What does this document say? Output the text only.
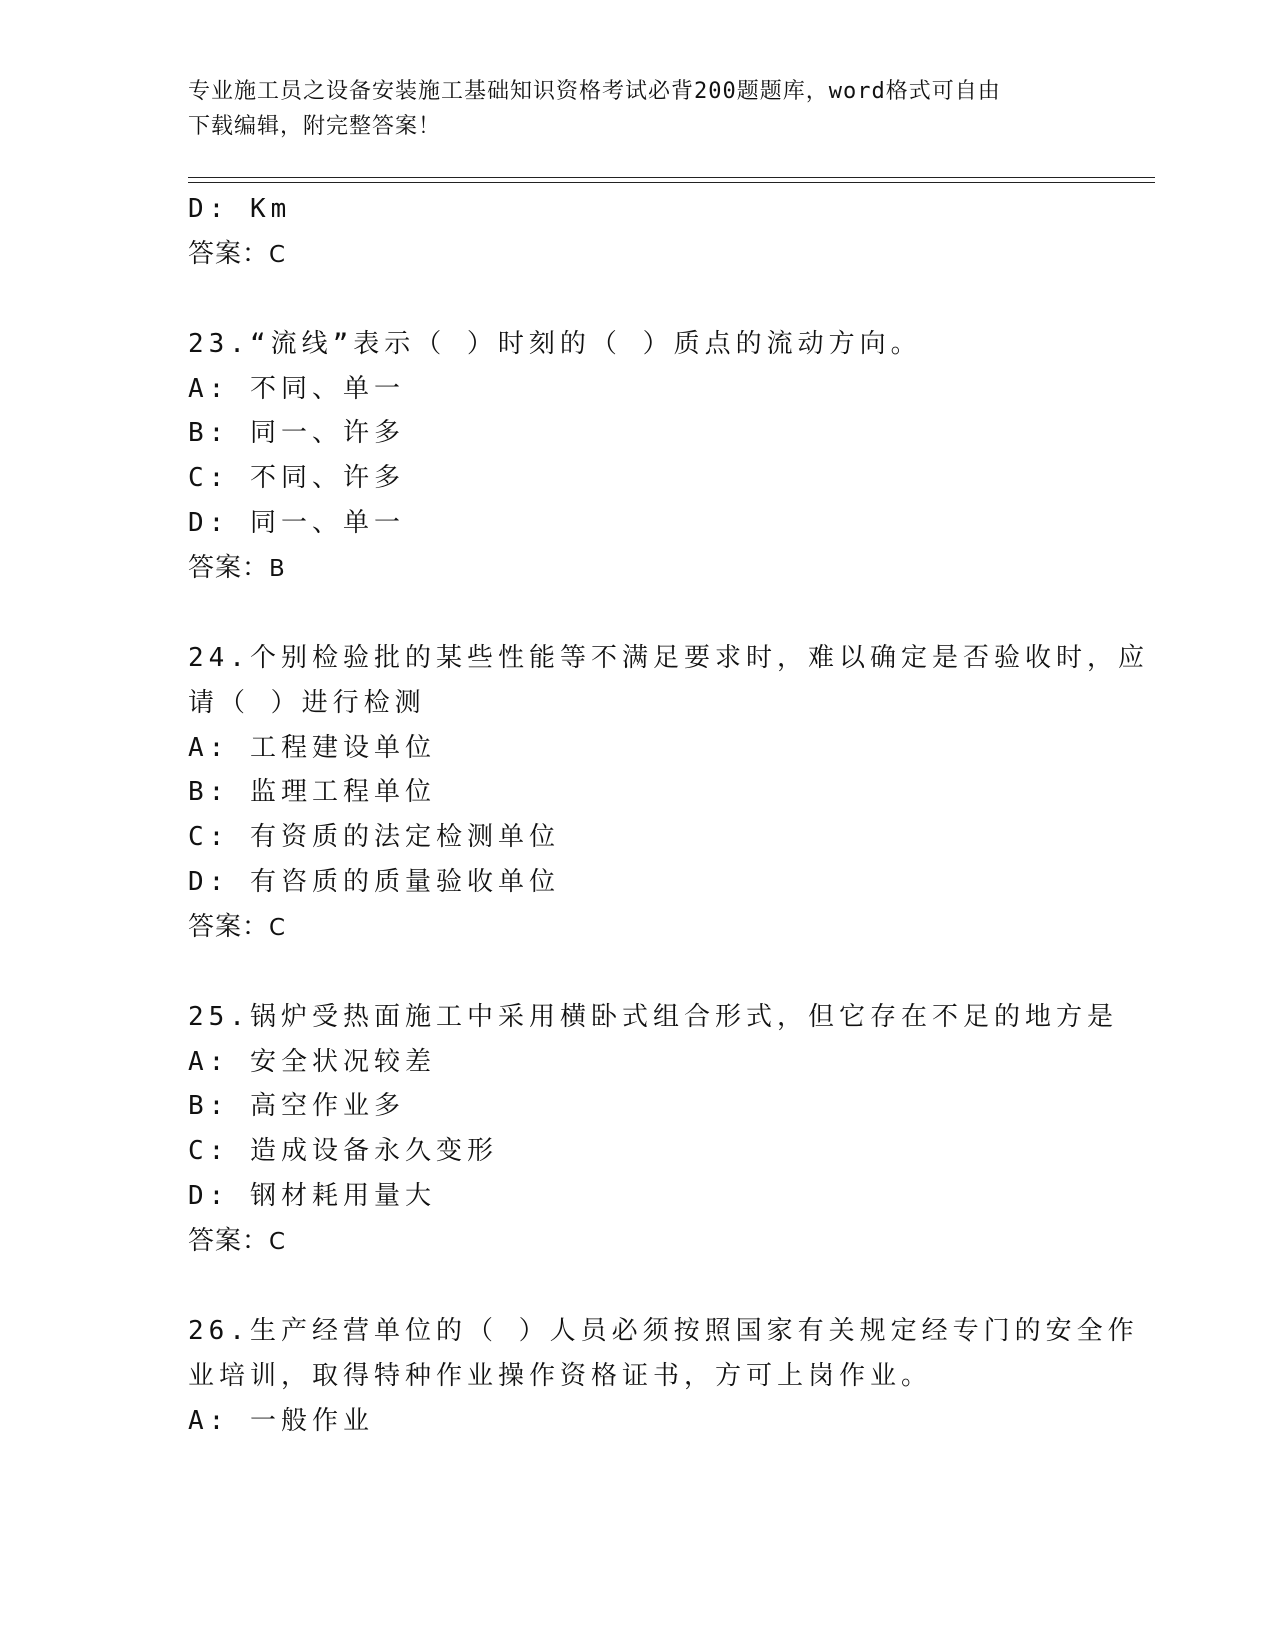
专业施工员之设备安装施工基础知识资格考试必背200题题库，word格式可自由
下载编辑，附完整答案！
D: Km
答案：C
23.“流线”表示（ ）时刻的（ ）质点的流动方向。
A: 不同、单一
B: 同一、许多
C: 不同、许多
D: 同一、单一
答案：B
24.个别检验批的某些性能等不满足要求时，难以确定是否验收时，应
请（ ）进行检测
A: 工程建设单位
B: 监理工程单位
C: 有资质的法定检测单位
D: 有咨质的质量验收单位
答案：C
25.锅炉受热面施工中采用横卧式组合形式，但它存在不足的地方是
A: 安全状况较差
B: 高空作业多
C: 造成设备永久变形
D: 钢材耗用量大
答案：C
26.生产经营单位的（ ）人员必须按照国家有关规定经专门的安全作
业培训，取得特种作业操作资格证书，方可上岗作业。
A: 一般作业
